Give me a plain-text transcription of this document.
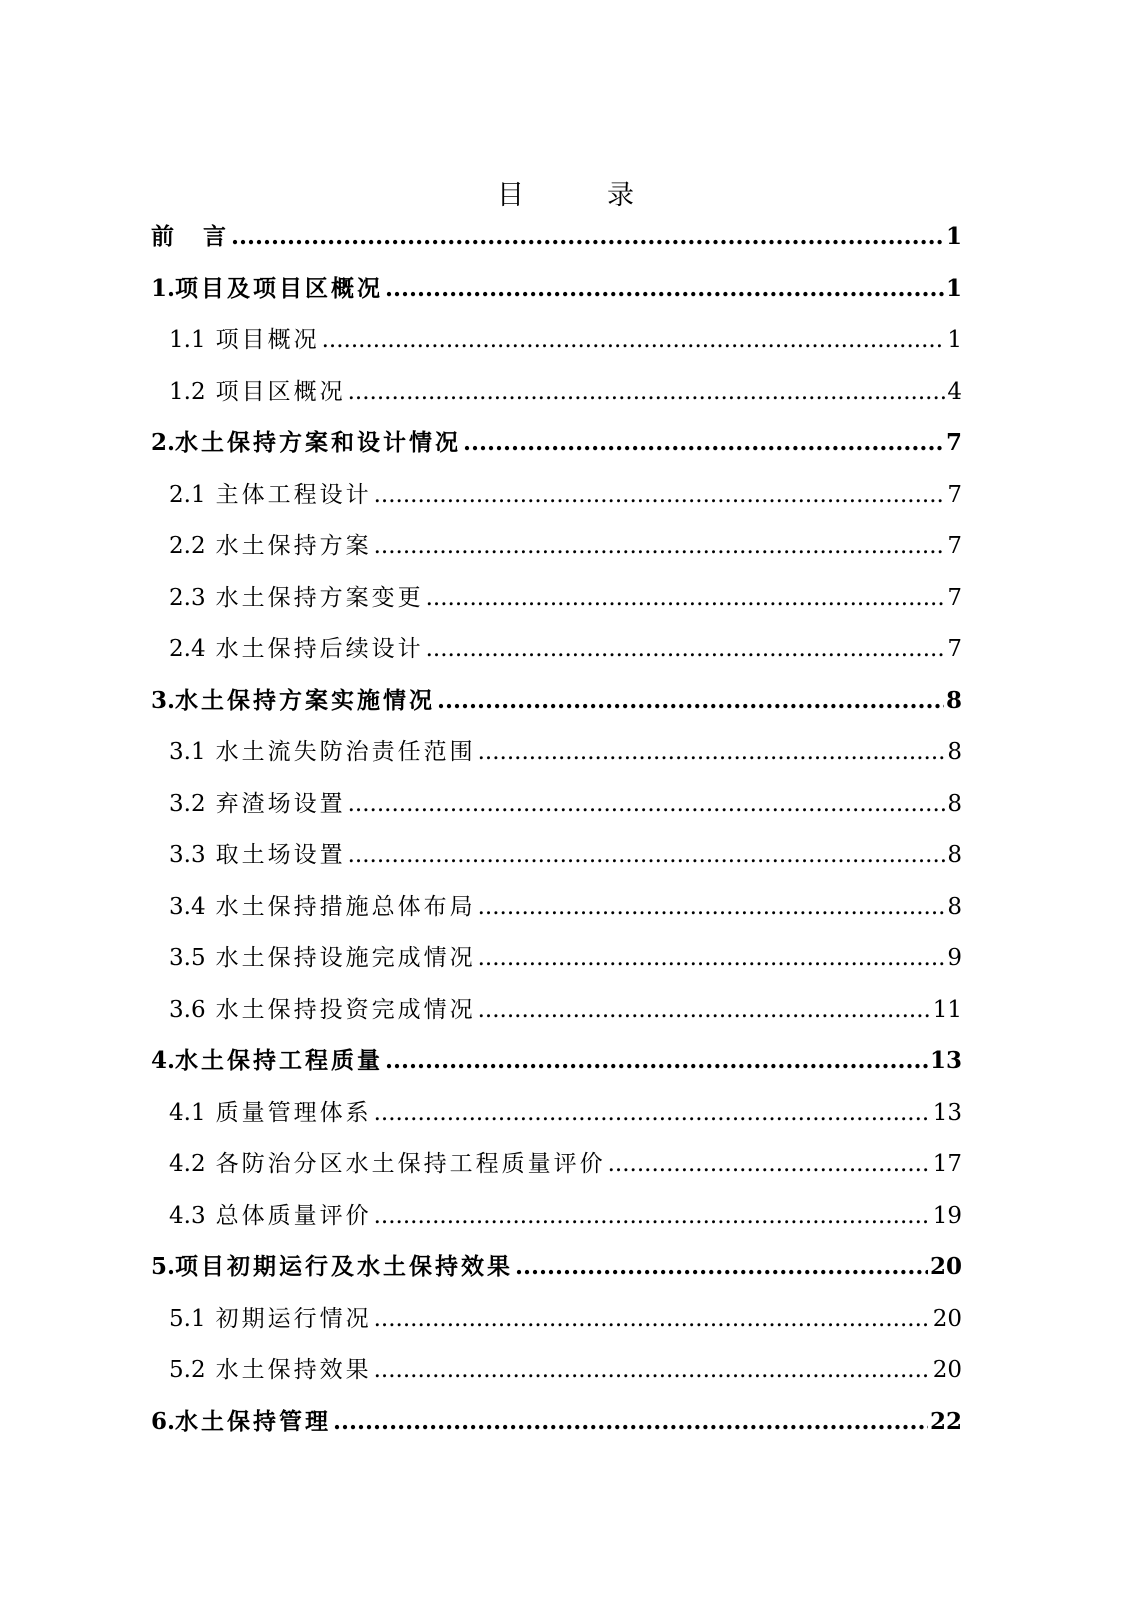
目　录
前　言 .....	1
1. 项目及项目区概况 .....	1
1.1 项目概况 .....	1
1.2 项目区概况 .....	4
2. 水土保持方案和设计情况 .....	7
2.1 主体工程设计 .....	7
2.2 水土保持方案 .....	7
2.3 水土保持方案变更 .....	7
2.4 水土保持后续设计 .....	7
3. 水土保持方案实施情况 .....	8
3.1 水土流失防治责任范围 .....	8
3.2 弃渣场设置 .....	8
3.3 取土场设置 .....	8
3.4 水土保持措施总体布局 .....	8
3.5 水土保持设施完成情况 .....	9
3.6 水土保持投资完成情况 .....	11
4. 水土保持工程质量 .....	13
4.1 质量管理体系 .....	13
4.2 各防治分区水土保持工程质量评价 .....	17
4.3 总体质量评价 .....	19
5. 项目初期运行及水土保持效果 .....	20
5.1 初期运行情况 .....	20
5.2 水土保持效果 .....	20
6. 水土保持管理 .....	22
